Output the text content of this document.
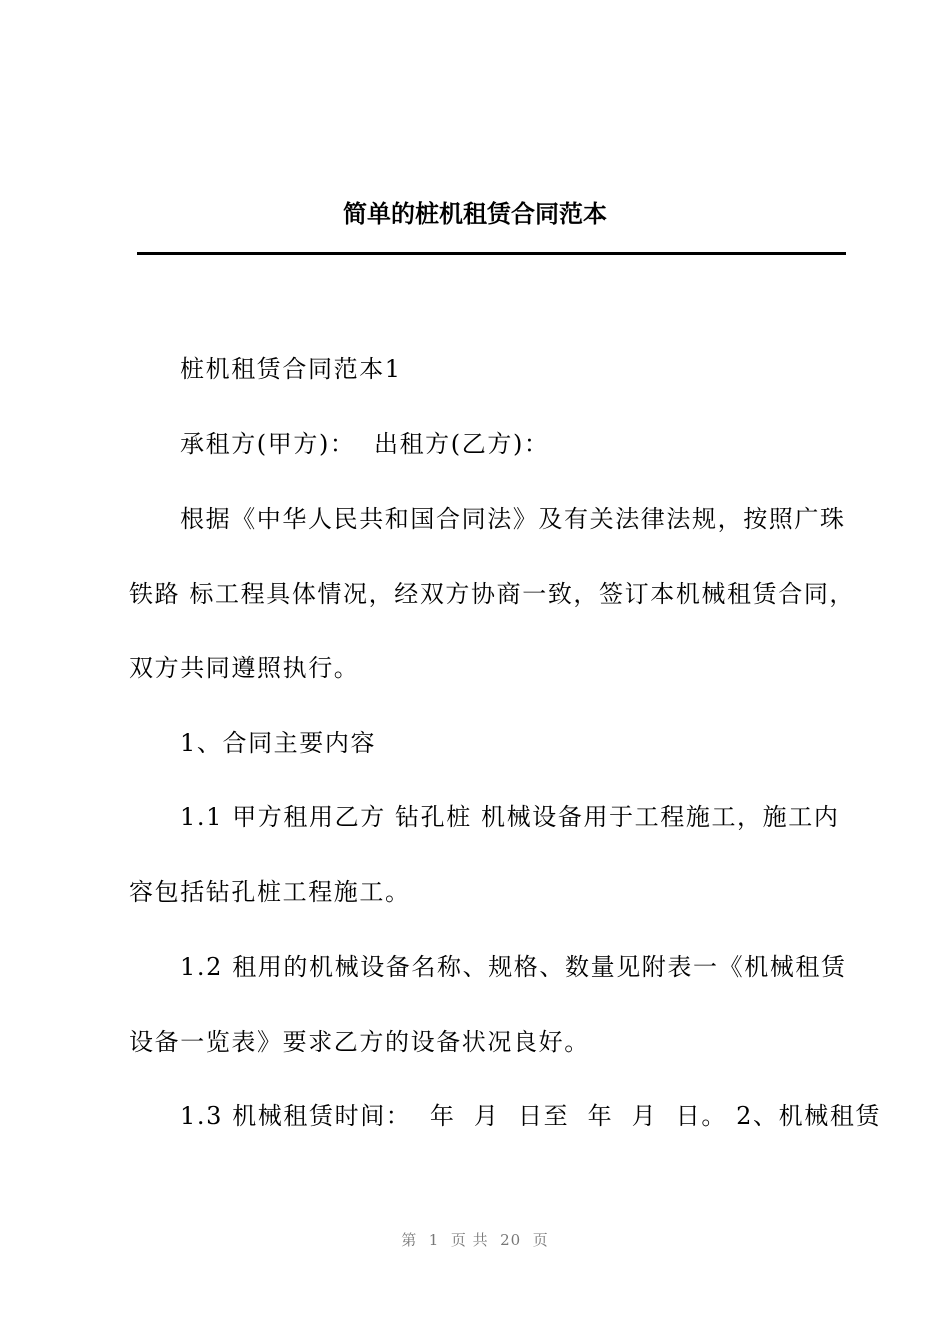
简单的桩机租赁合同范本

桩机租赁合同范本1

承租方(甲方)：  出租方(乙方)：

根据《中华人民共和国合同法》及有关法律法规，按照广珠

铁路 标工程具体情况，经双方协商一致，签订本机械租赁合同，

双方共同遵照执行。

1、合同主要内容

1.1 甲方租用乙方 钻孔桩 机械设备用于工程施工，施工内

容包括钻孔桩工程施工。

1.2 租用的机械设备名称、规格、数量见附表一《机械租赁

设备一览表》要求乙方的设备状况良好。

1.3 机械租赁时间：  年  月  日至  年  月  日。 2、机械租赁

第  1  页 共  20  页
